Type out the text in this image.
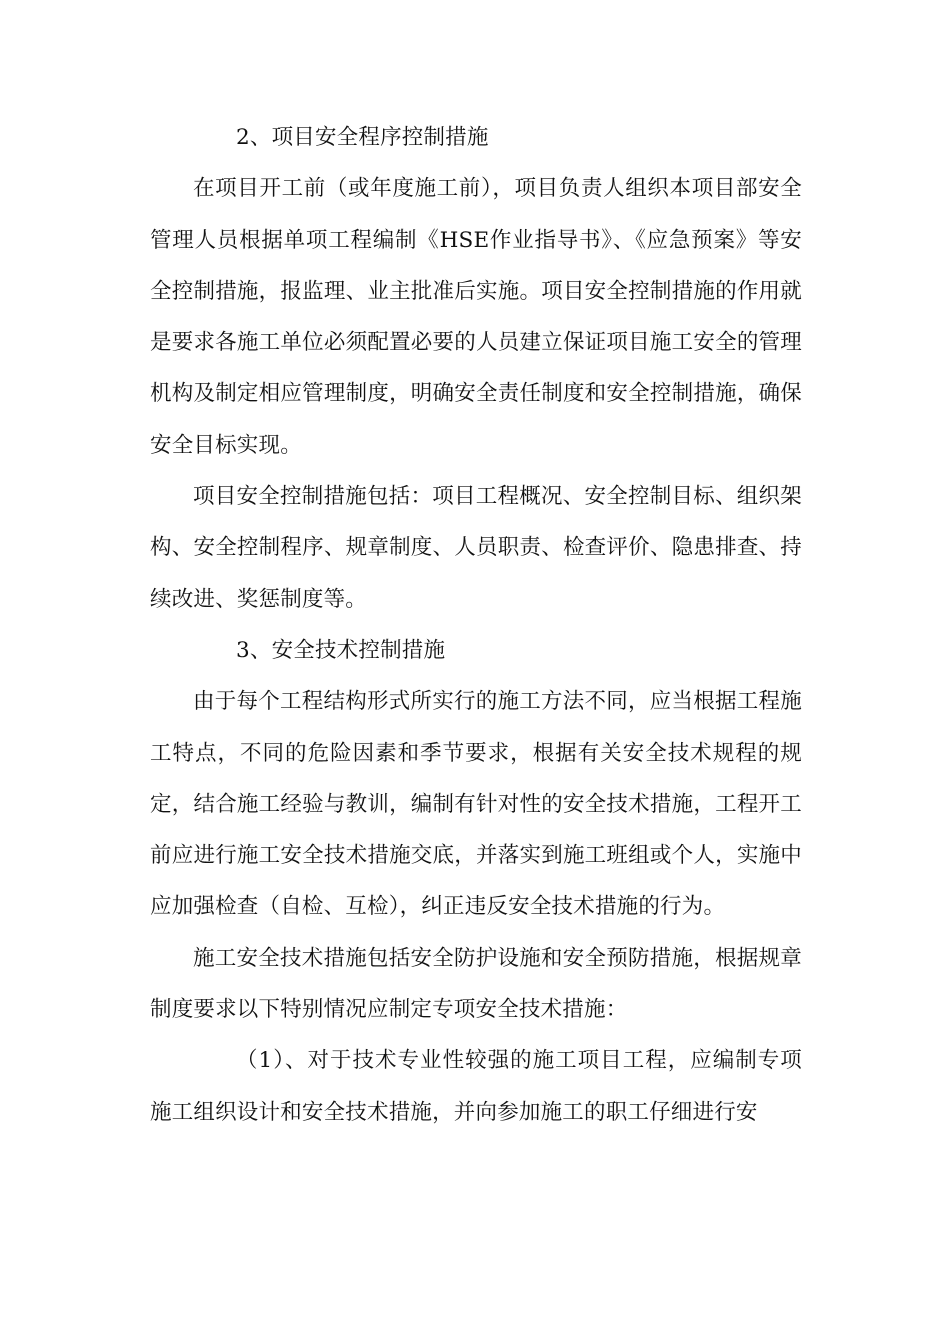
2、项目安全程序控制措施

在项目开工前（或年度施工前），项目负责人组织本项目部安全管理人员根据单项工程编制《HSE作业指导书》、《应急预案》等安全控制措施，报监理、业主批准后实施。项目安全控制措施的作用就是要求各施工单位必须配置必要的人员建立保证项目施工安全的管理机构及制定相应管理制度，明确安全责任制度和安全控制措施，确保安全目标实现。

项目安全控制措施包括：项目工程概况、安全控制目标、组织架构、安全控制程序、规章制度、人员职责、检查评价、隐患排查、持续改进、奖惩制度等。

3、安全技术控制措施

由于每个工程结构形式所实行的施工方法不同，应当根据工程施工特点，不同的危险因素和季节要求，根据有关安全技术规程的规定，结合施工经验与教训，编制有针对性的安全技术措施，工程开工前应进行施工安全技术措施交底，并落实到施工班组或个人，实施中应加强检查（自检、互检），纠正违反安全技术措施的行为。

施工安全技术措施包括安全防护设施和安全预防措施，根据规章制度要求以下特别情况应制定专项安全技术措施：

（1）、对于技术专业性较强的施工项目工程，应编制专项施工组织设计和安全技术措施，并向参加施工的职工仔细进行安
